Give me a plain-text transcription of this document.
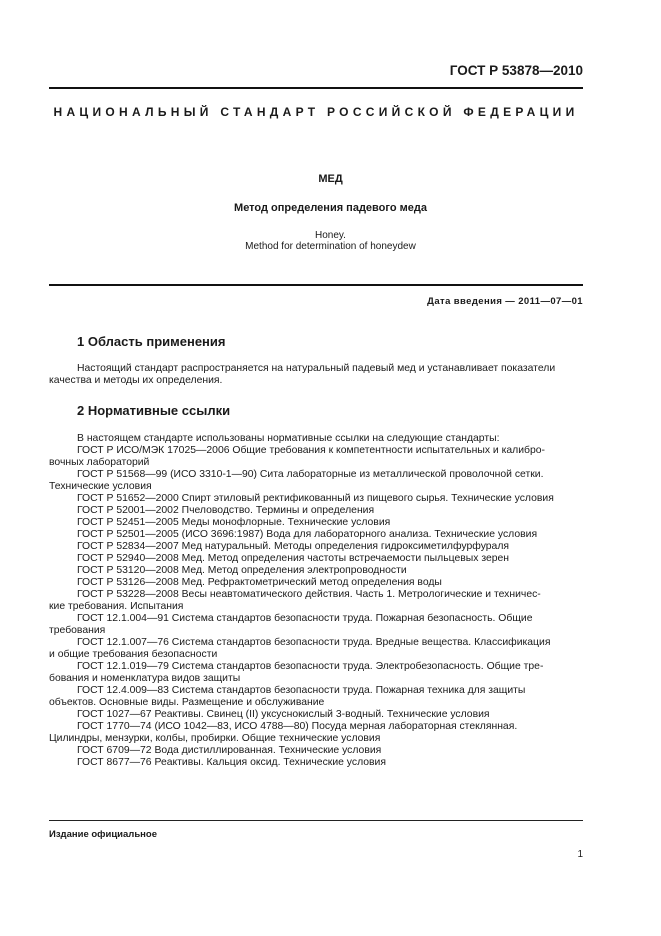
ГОСТ Р 53878—2010
НАЦИОНАЛЬНЫЙ СТАНДАРТ РОССИЙСКОЙ ФЕДЕРАЦИИ
МЕД
Метод определения падевого меда
Honey.
Method for determination of honeydew
Дата введения — 2011—07—01
1 Область применения
Настоящий стандарт распространяется на натуральный падевый мед и устанавливает показатели
качества и методы их определения.
2 Нормативные ссылки
В настоящем стандарте использованы нормативные ссылки на следующие стандарты:
ГОСТ Р ИСО/МЭК 17025—2006 Общие требования к компетентности испытательных и калибро-
вочных лабораторий
ГОСТ Р 51568—99 (ИСО 3310-1—90) Сита лабораторные из металлической проволочной сетки.
Технические условия
ГОСТ Р 51652—2000 Спирт этиловый ректификованный из пищевого сырья. Технические условия
ГОСТ Р 52001—2002 Пчеловодство. Термины и определения
ГОСТ Р 52451—2005 Меды монофлорные. Технические условия
ГОСТ Р 52501—2005 (ИСО 3696:1987) Вода для лабораторного анализа. Технические условия
ГОСТ Р 52834—2007 Мед натуральный. Методы определения гидроксиметилфурфураля
ГОСТ Р 52940—2008 Мед. Метод определения частоты встречаемости пыльцевых зерен
ГОСТ Р 53120—2008 Мед. Метод определения электропроводности
ГОСТ Р 53126—2008 Мед. Рефрактометрический метод определения воды
ГОСТ Р 53228—2008 Весы неавтоматического действия. Часть 1. Метрологические и техничес-
кие требования. Испытания
ГОСТ 12.1.004—91 Система стандартов безопасности труда. Пожарная безопасность. Общие
требования
ГОСТ 12.1.007—76 Система стандартов безопасности труда. Вредные вещества. Классификация
и общие требования безопасности
ГОСТ 12.1.019—79 Система стандартов безопасности труда. Электробезопасность. Общие тре-
бования и номенклатура видов защиты
ГОСТ 12.4.009—83 Система стандартов безопасности труда. Пожарная техника для защиты
объектов. Основные виды. Размещение и обслуживание
ГОСТ 1027—67 Реактивы. Свинец (II) уксуснокислый 3-водный. Технические условия
ГОСТ 1770—74 (ИСО 1042—83, ИСО 4788—80) Посуда мерная лабораторная стеклянная.
Цилиндры, мензурки, колбы, пробирки. Общие технические условия
ГОСТ 6709—72 Вода дистиллированная. Технические условия
ГОСТ 8677—76 Реактивы. Кальция оксид. Технические условия
Издание официальное
1
